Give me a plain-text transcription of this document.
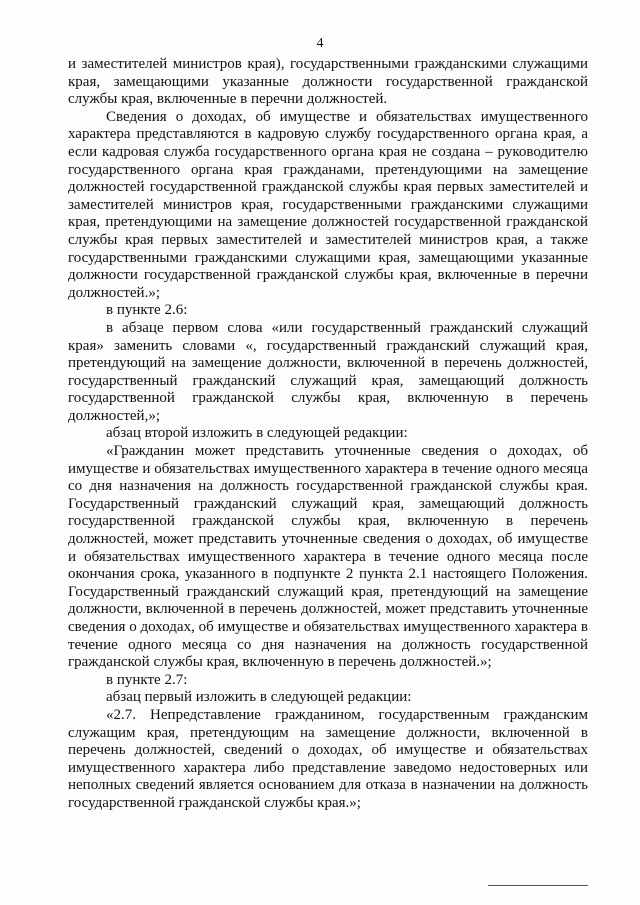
4

и заместителей министров края), государственными гражданскими служащими края, замещающими указанные должности государственной гражданской службы края, включенные в перечни должностей.

Сведения о доходах, об имуществе и обязательствах имущественного характера представляются в кадровую службу государственного органа края, а если кадровая служба государственного органа края не создана – руководителю государственного органа края гражданами, претендующими на замещение должностей государственной гражданской службы края первых заместителей и заместителей министров края, государственными гражданскими служащими края, претендующими на замещение должностей государственной гражданской службы края первых заместителей и заместителей министров края, а также государственными гражданскими служащими края, замещающими указанные должности государственной гражданской службы края, включенные в перечни должностей.»;

в пункте 2.6:

в абзаце первом слова «или государственный гражданский служащий края» заменить словами «, государственный гражданский служащий края, претендующий на замещение должности, включенной в перечень должностей, государственный гражданский служащий края, замещающий должность государственной гражданской службы края, включенную в перечень должностей,»;

абзац второй изложить в следующей редакции:

«Гражданин может представить уточненные сведения о доходах, об имуществе и обязательствах имущественного характера в течение одного месяца со дня назначения на должность государственной гражданской службы края. Государственный гражданский служащий края, замещающий должность государственной гражданской службы края, включенную в перечень должностей, может представить уточненные сведения о доходах, об имуществе и обязательствах имущественного характера в течение одного месяца после окончания срока, указанного в подпункте 2 пункта 2.1 настоящего Положения. Государственный гражданский служащий края, претендующий на замещение должности, включенной в перечень должностей, может представить уточненные сведения о доходах, об имуществе и обязательствах имущественного характера в течение одного месяца со дня назначения на должность государственной гражданской службы края, включенную в перечень должностей.»;

в пункте 2.7:

абзац первый изложить в следующей редакции:

«2.7. Непредставление гражданином, государственным гражданским служащим края, претендующим на замещение должности, включенной в перечень должностей, сведений о доходах, об имуществе и обязательствах имущественного характера либо представление заведомо недостоверных или неполных сведений является основанием для отказа в назначении на должность государственной гражданской службы края.»;
